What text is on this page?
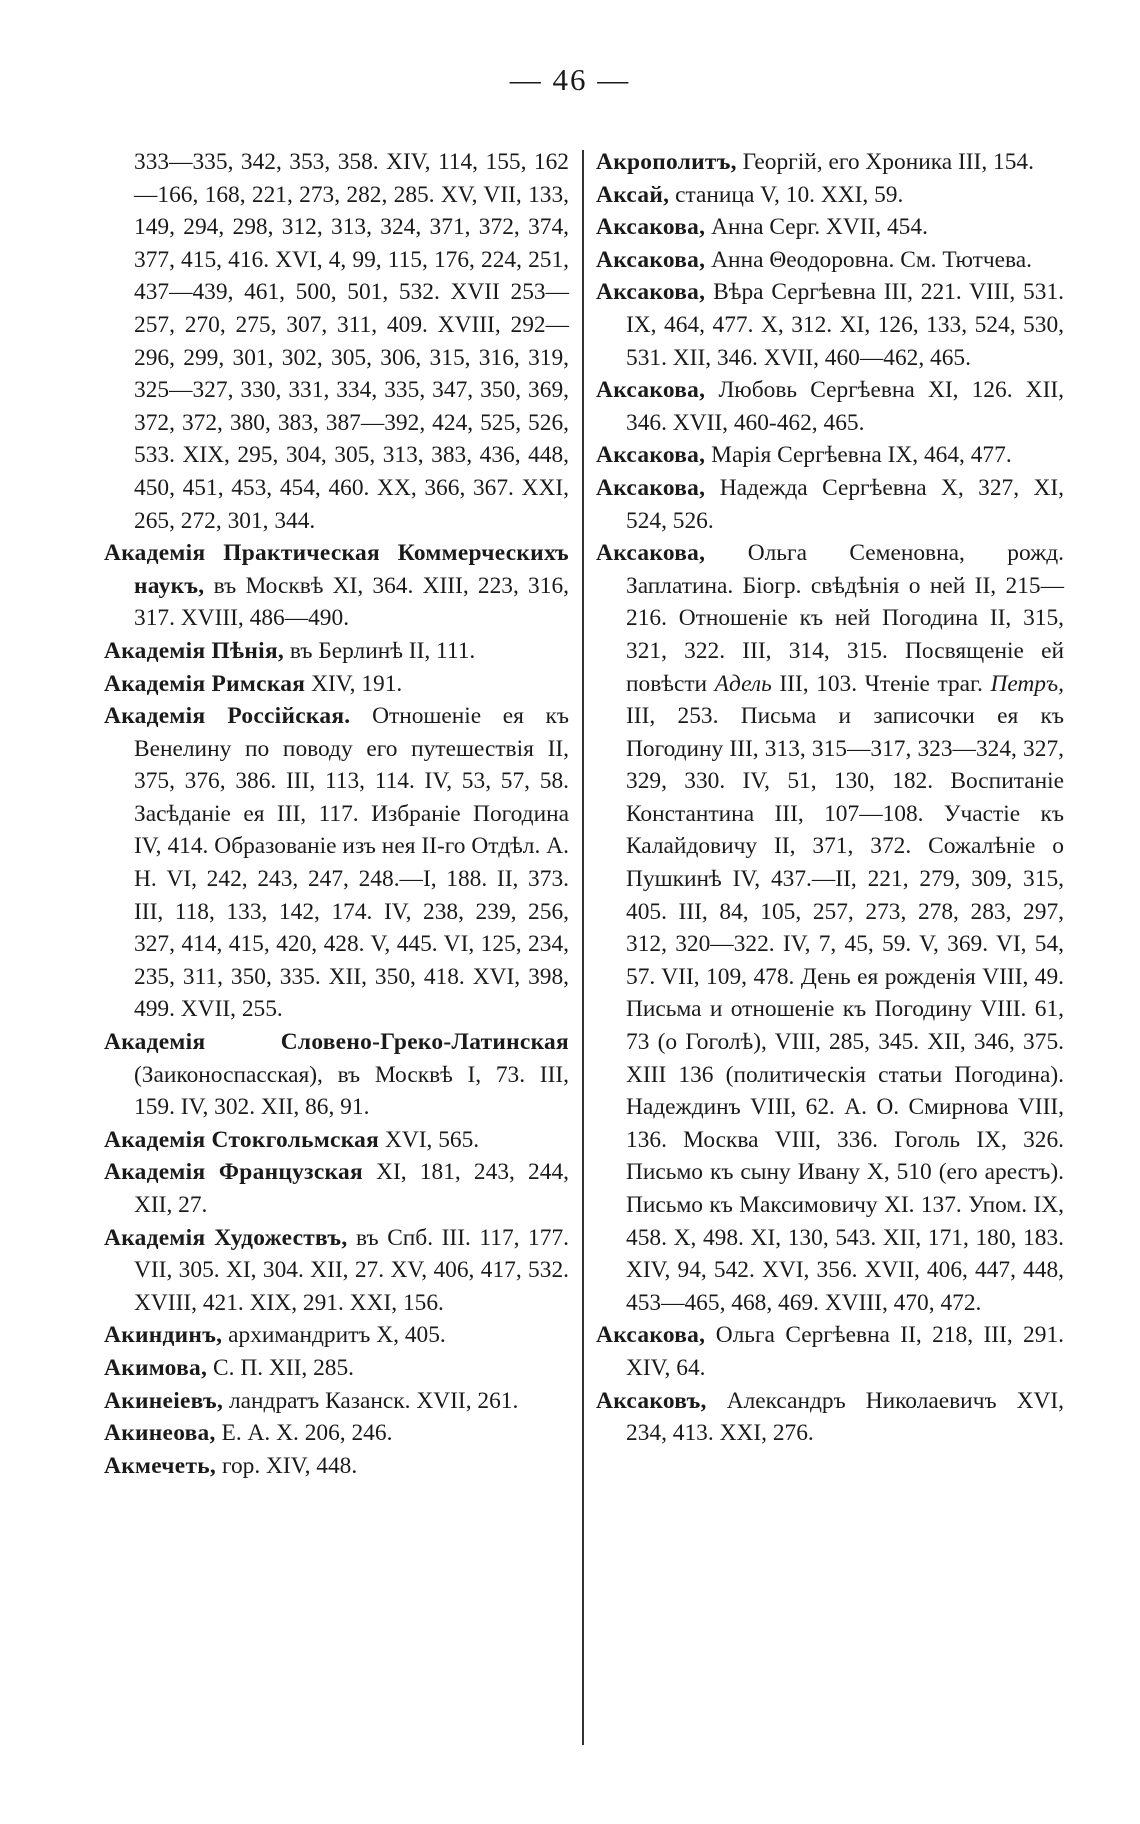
— 46 —

333—335, 342, 353, 358. XIV, 114, 155, 162—166, 168, 221, 273, 282, 285. XV, VII, 133, 149, 294, 298, 312, 313, 324, 371, 372, 374, 377, 415, 416. XVI, 4, 99, 115, 176, 224, 251, 437—439, 461, 500, 501, 532. XVII 253—257, 270, 275, 307, 311, 409. XVIII, 292—296, 299, 301, 302, 305, 306, 315, 316, 319, 325—327, 330, 331, 334, 335, 347, 350, 369, 372, 372, 380, 383, 387—392, 424, 525, 526, 533. XIX, 295, 304, 305, 313, 383, 436, 448, 450, 451, 453, 454, 460. XX, 366, 367. XXI, 265, 272, 301, 344.

Академія Практическая Коммерческихъ наукъ, въ Москвѣ XI, 364. XIII, 223, 316, 317. XVIII, 486—490.

Академія Пѣнія, въ Берлинѣ II, 111.

Академія Римская XIV, 191.

Академія Россійская. Отношеніе ея къ Венелину по поводу его путешествія II, 375, 376, 386. III, 113, 114. IV, 53, 57, 58. Засѣданіе ея III, 117. Избраніе Погодина IV, 414. Образованіе изъ нея II-го Отдѣл. А. Н. VI, 242, 243, 247, 248.—I, 188. II, 373. III, 118, 133, 142, 174. IV, 238, 239, 256, 327, 414, 415, 420, 428. V, 445. VI, 125, 234, 235, 311, 350, 335. XII, 350, 418. XVI, 398, 499. XVII, 255.

Академія Словено-Греко-Латинская (Заиконоспасская), въ Москвѣ I, 73. III, 159. IV, 302. XII, 86, 91.

Академія Стокгольмская XVI, 565.

Академія Французская XI, 181, 243, 244, XII, 27.

Академія Художествъ, въ Спб. III. 117, 177. VII, 305. XI, 304. XII, 27. XV, 406, 417, 532. XVIII, 421. XIX, 291. XXI, 156.

Акиндинъ, архимандритъ X, 405.

Акимова, С. П. XII, 285.

Акинеіевъ, ландратъ Казанск. XVII, 261.

Акинеова, Е. А. X. 206, 246.

Акмечеть, гор. XIV, 448.

Акрополитъ, Георгій, его Хроника III, 154.

Аксай, станица V, 10. XXI, 59.

Аксакова, Анна Серг. XVII, 454.

Аксакова, Анна Θеодоровна. См. Тютчева.

Аксакова, Вѣра Сергѣевна III, 221. VIII, 531. IX, 464, 477. X, 312. XI, 126, 133, 524, 530, 531. XII, 346. XVII, 460—462, 465.

Аксакова, Любовь Сергѣевна XI, 126. XII, 346. XVII, 460-462, 465.

Аксакова, Марія Сергѣевна IX, 464, 477.

Аксакова, Надежда Сергѣевна X, 327, XI, 524, 526.

Аксакова, Ольга Семеновна, рожд. Заплатина. Біогр. свѣдѣнія о ней II, 215—216. Отношеніе къ ней Погодина II, 315, 321, 322. III, 314, 315. Посвященіе ей повѣсти Адель III, 103. Чтеніе траг. Петръ, III, 253. Письма и записочки ея къ Погодину III, 313, 315—317, 323—324, 327, 329, 330. IV, 51, 130, 182. Воспитаніе Константина III, 107—108. Участіе къ Калайдовичу II, 371, 372. Сожалѣніе о Пушкинѣ IV, 437.—II, 221, 279, 309, 315, 405. III, 84, 105, 257, 273, 278, 283, 297, 312, 320—322. IV, 7, 45, 59. V, 369. VI, 54, 57. VII, 109, 478. День ея рожденія VIII, 49. Письма и отношеніе къ Погодину VIII. 61, 73 (о Гоголѣ), VIII, 285, 345. XII, 346, 375. XIII 136 (политическія статьи Погодина). Надеждинъ VIII, 62. А. О. Смирнова VIII, 136. Москва VIII, 336. Гоголь IX, 326. Письмо къ сыну Ивану X, 510 (его арестъ). Письмо къ Максимовичу XI. 137. Упом. IX, 458. X, 498. XI, 130, 543. XII, 171, 180, 183. XIV, 94, 542. XVI, 356. XVII, 406, 447, 448, 453—465, 468, 469. XVIII, 470, 472.

Аксакова, Ольга Сергѣевна II, 218, III, 291. XIV, 64.

Аксаковъ, Александръ Николаевичъ XVI, 234, 413. XXI, 276.
